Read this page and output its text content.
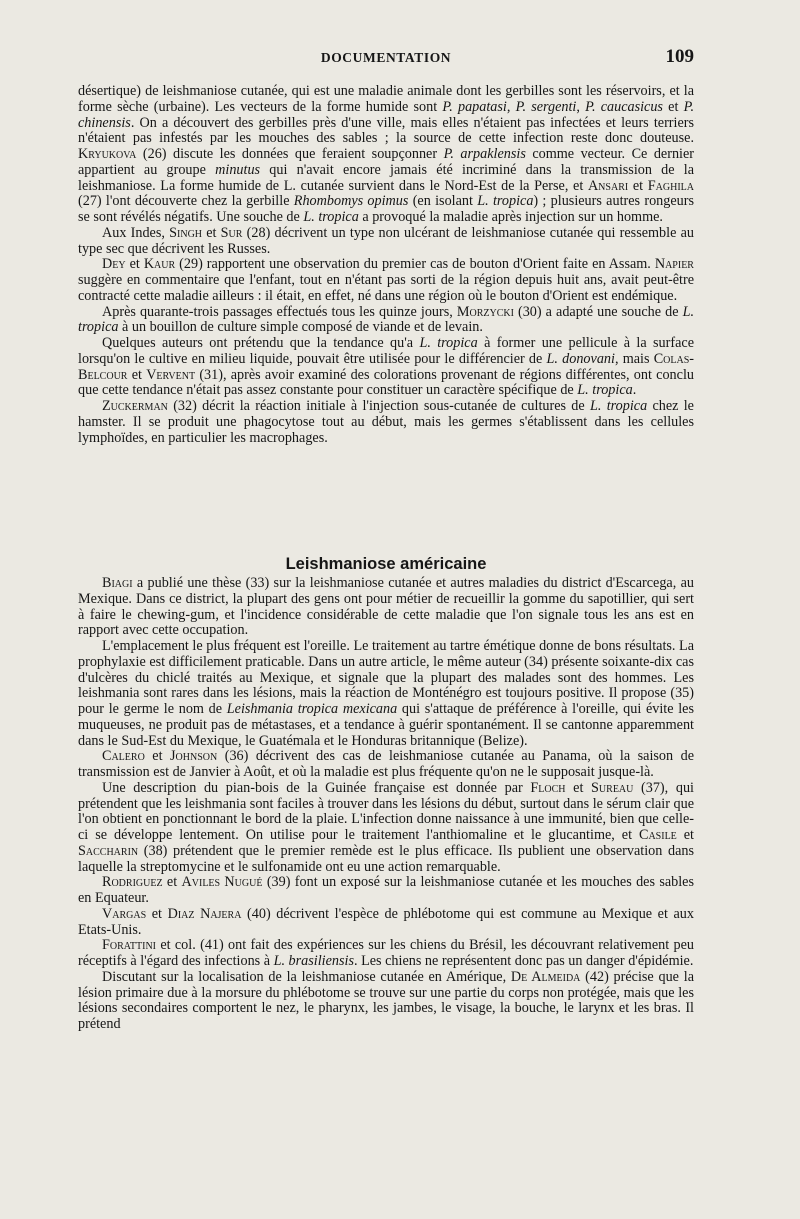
DOCUMENTATION	109

désertique) de leishmaniose cutanée, qui est une maladie animale dont les gerbilles sont les réservoirs, et la forme sèche (urbaine). Les vecteurs de la forme humide sont P. papatasi, P. sergenti, P. caucasicus et P. chinensis. On a découvert des gerbilles près d'une ville, mais elles n'étaient pas infectées et leurs terriers n'étaient pas infestés par les mouches des sables ; la source de cette infection reste donc douteuse. Kryukova (26) discute les données que feraient soupçonner P. arpaklensis comme vecteur. Ce dernier appartient au groupe minutus qui n'avait encore jamais été incriminé dans la transmission de la leishmaniose. La forme humide de L. cutanée survient dans le Nord-Est de la Perse, et Ansari et Faghila (27) l'ont découverte chez la gerbille Rhombomys opimus (en isolant L. tropica) ; plusieurs autres rongeurs se sont révélés négatifs. Une souche de L. tropica a provoqué la maladie après injection sur un homme.

Aux Indes, Singh et Sur (28) décrivent un type non ulcérant de leishmaniose cutanée qui ressemble au type sec que décrivent les Russes.

Dey et Kaur (29) rapportent une observation du premier cas de bouton d'Orient faite en Assam. Napier suggère en commentaire que l'enfant, tout en n'étant pas sorti de la région depuis huit ans, avait peut-être contracté cette maladie ailleurs : il était, en effet, né dans une région où le bouton d'Orient est endémique.

Après quarante-trois passages effectués tous les quinze jours, Morzycki (30) a adapté une souche de L. tropica à un bouillon de culture simple composé de viande et de levain.

Quelques auteurs ont prétendu que la tendance qu'a L. tropica à former une pellicule à la surface lorsqu'on le cultive en milieu liquide, pouvait être utilisée pour le différencier de L. donovani, mais Colas-Belcour et Vervent (31), après avoir examiné des colorations provenant de régions différentes, ont conclu que cette tendance n'était pas assez constante pour constituer un caractère spécifique de L. tropica.

Zuckerman (32) décrit la réaction initiale à l'injection sous-cutanée de cultures de L. tropica chez le hamster. Il se produit une phagocytose tout au début, mais les germes s'établissent dans les cellules lymphoïdes, en particulier les macrophages.

Leishmaniose américaine

Biagi a publié une thèse (33) sur la leishmaniose cutanée et autres maladies du district d'Escarcega, au Mexique. Dans ce district, la plupart des gens ont pour métier de recueillir la gomme du sapotillier, qui sert à faire le chewing-gum, et l'incidence considérable de cette maladie que l'on signale tous les ans est en rapport avec cette occupation.

L'emplacement le plus fréquent est l'oreille. Le traitement au tartre émétique donne de bons résultats. La prophylaxie est difficilement praticable. Dans un autre article, le même auteur (34) présente soixante-dix cas d'ulcères du chiclé traités au Mexique, et signale que la plupart des malades sont des hommes. Les leishmania sont rares dans les lésions, mais la réaction de Monténégro est toujours positive. Il propose (35) pour le germe le nom de Leishmania tropica mexicana qui s'attaque de préférence à l'oreille, qui évite les muqueuses, ne produit pas de métastases, et a tendance à guérir spontanément. Il se cantonne apparemment dans le Sud-Est du Mexique, le Guatémala et le Honduras britannique (Belize).

Calero et Johnson (36) décrivent des cas de leishmaniose cutanée au Panama, où la saison de transmission est de Janvier à Août, et où la maladie est plus fréquente qu'on ne le supposait jusque-là.

Une description du pian-bois de la Guinée française est donnée par Floch et Sureau (37), qui prétendent que les leishmania sont faciles à trouver dans les lésions du début, surtout dans le sérum clair que l'on obtient en ponctionnant le bord de la plaie. L'infection donne naissance à une immunité, bien que celle-ci se développe lentement. On utilise pour le traitement l'anthiomaline et le glucantime, et Casile et Saccharin (38) prétendent que le premier remède est le plus efficace. Ils publient une observation dans laquelle la streptomycine et le sulfonamide ont eu une action remarquable.

Rodriguez et Aviles Nugué (39) font un exposé sur la leishmaniose cutanée et les mouches des sables en Equateur.

Vargas et Diaz Najera (40) décrivent l'espèce de phlébotome qui est commune au Mexique et aux Etats-Unis.

Forattini et col. (41) ont fait des expériences sur les chiens du Brésil, les découvrant relativement peu réceptifs à l'égard des infections à L. brasiliensis. Les chiens ne représentent donc pas un danger d'épidémie.

Discutant sur la localisation de la leishmaniose cutanée en Amérique, De Almeida (42) précise que la lésion primaire due à la morsure du phlébotome se trouve sur une partie du corps non protégée, mais que les lésions secondaires comportent le nez, le pharynx, les jambes, le visage, la bouche, le larynx et les bras. Il prétend
